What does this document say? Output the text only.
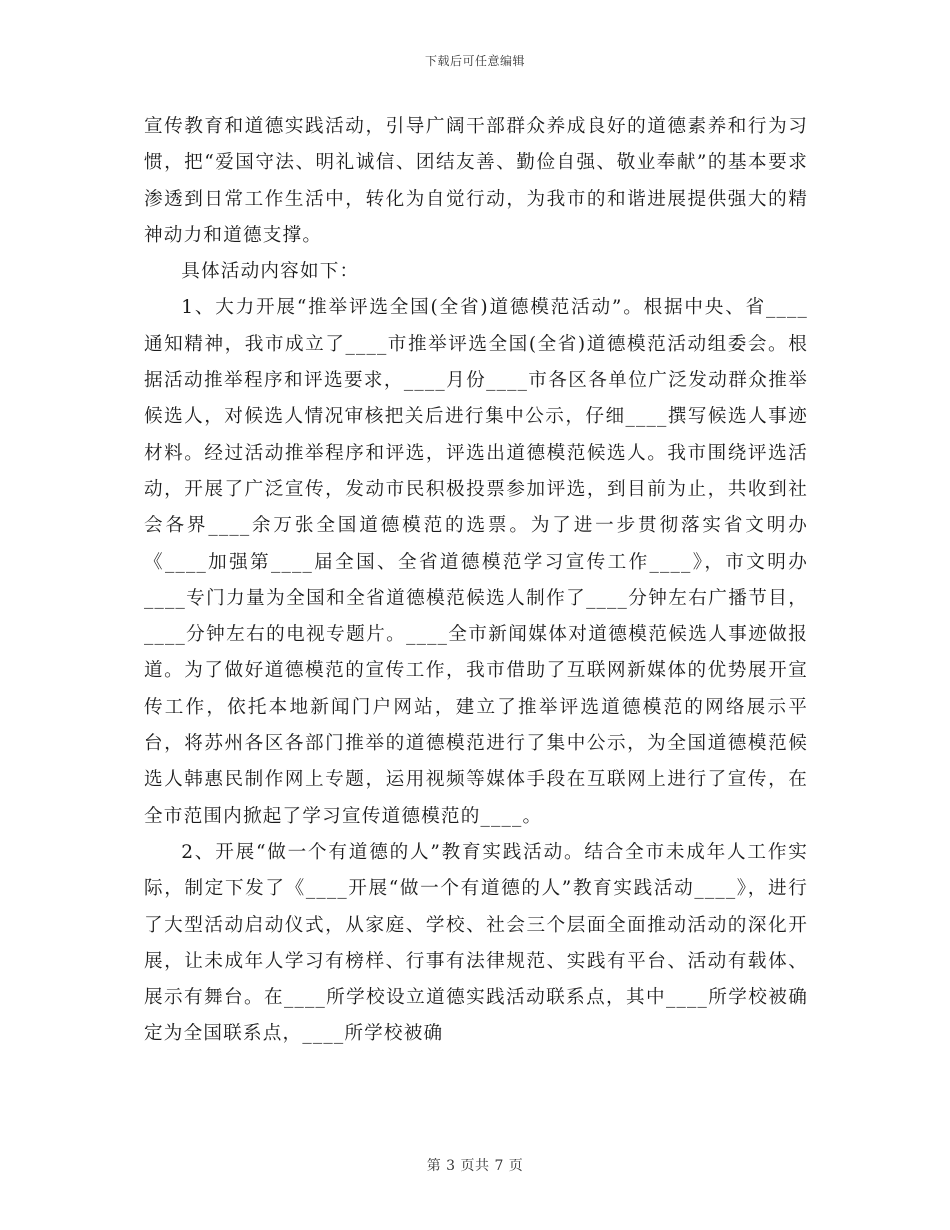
下载后可任意编辑

宣传教育和道德实践活动，引导广阔干部群众养成良好的道德素养和行为习惯，把“爱国守法、明礼诚信、团结友善、勤俭自强、敬业奉献”的基本要求渗透到日常工作生活中，转化为自觉行动，为我市的和谐进展提供强大的精神动力和道德支撑。

具体活动内容如下：

1、大力开展“推举评选全国(全省)道德模范活动”。根据中央、省____通知精神，我市成立了____市推举评选全国(全省)道德模范活动组委会。根据活动推举程序和评选要求，____月份____市各区各单位广泛发动群众推举候选人，对候选人情况审核把关后进行集中公示，仔细____撰写候选人事迹材料。经过活动推举程序和评选，评选出道德模范候选人。我市围绕评选活动，开展了广泛宣传，发动市民积极投票参加评选，到目前为止，共收到社会各界____余万张全国道德模范的选票。为了进一步贯彻落实省文明办《____加强第____届全国、全省道德模范学习宣传工作____》，市文明办____专门力量为全国和全省道德模范候选人制作了____分钟左右广播节目，____分钟左右的电视专题片。____全市新闻媒体对道德模范候选人事迹做报道。为了做好道德模范的宣传工作，我市借助了互联网新媒体的优势展开宣传工作，依托本地新闻门户网站，建立了推举评选道德模范的网络展示平台，将苏州各区各部门推举的道德模范进行了集中公示，为全国道德模范候选人韩惠民制作网上专题，运用视频等媒体手段在互联网上进行了宣传，在全市范围内掀起了学习宣传道德模范的____。

2、开展“做一个有道德的人”教育实践活动。结合全市未成年人工作实际，制定下发了《____开展“做一个有道德的人”教育实践活动____》，进行了大型活动启动仪式，从家庭、学校、社会三个层面全面推动活动的深化开展，让未成年人学习有榜样、行事有法律规范、实践有平台、活动有载体、展示有舞台。在____所学校设立道德实践活动联系点，其中____所学校被确定为全国联系点，____所学校被确

第 3 页共 7 页
